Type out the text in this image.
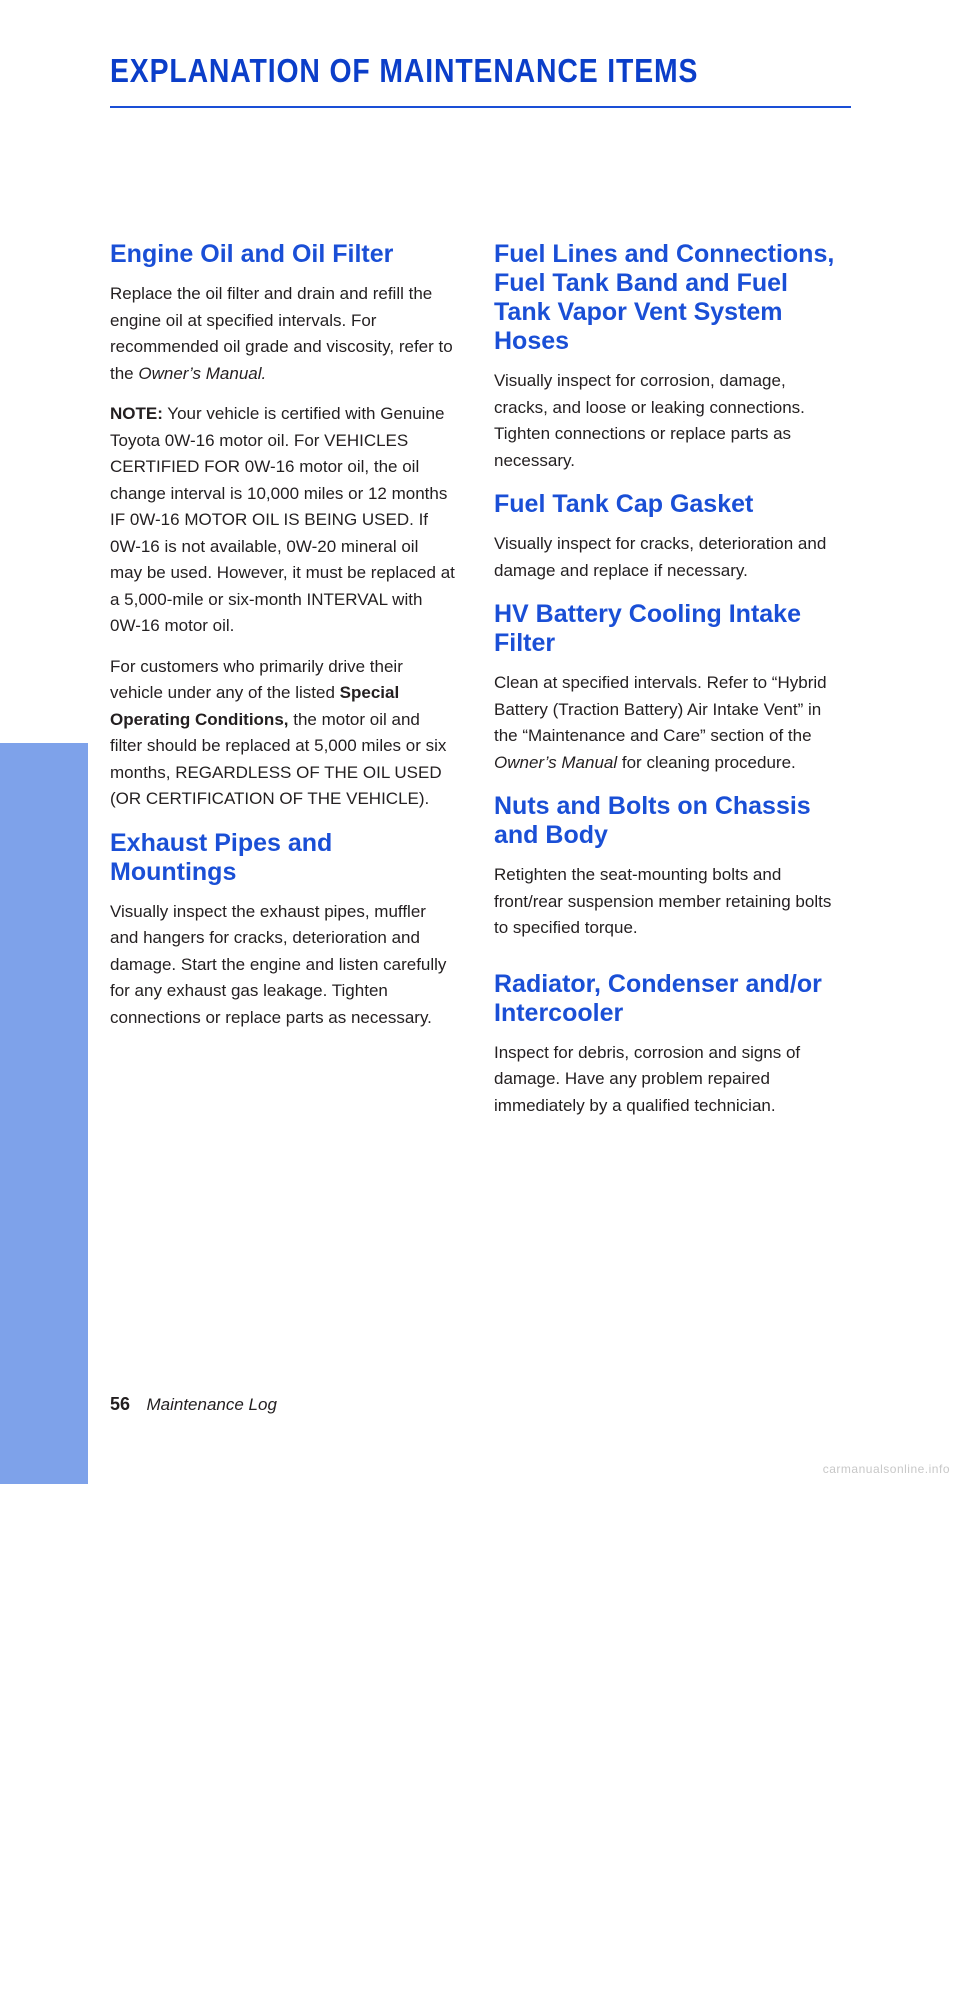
EXPLANATION OF MAINTENANCE ITEMS
MAINTENANCE
Engine Oil and Oil Filter

Replace the oil filter and drain and refill the engine oil at specified intervals. For recommended oil grade and viscosity, refer to the Owner’s Manual.

NOTE: Your vehicle is certified with Genuine Toyota 0W-16 motor oil. For VEHICLES CERTIFIED FOR 0W-16 motor oil, the oil change interval is 10,000 miles or 12 months IF 0W-16 MOTOR OIL IS BEING USED. If 0W-16 is not available, 0W-20 mineral oil may be used. However, it must be replaced at a 5,000-mile or six-month INTERVAL with 0W-16 motor oil.

For customers who primarily drive their vehicle under any of the listed Special Operating Conditions, the motor oil and filter should be replaced at 5,000 miles or six months, REGARDLESS OF THE OIL USED (OR CERTIFICATION OF THE VEHICLE).

Exhaust Pipes and Mountings

Visually inspect the exhaust pipes, muffler and hangers for cracks, deterioration and damage. Start the engine and listen carefully for any exhaust gas leakage. Tighten connections or replace parts as necessary.

Fuel Lines and Connections, Fuel Tank Band and Fuel Tank Vapor Vent System Hoses

Visually inspect for corrosion, damage, cracks, and loose or leaking connections. Tighten connections or replace parts as necessary.

Fuel Tank Cap Gasket

Visually inspect for cracks, deterioration and damage and replace if necessary.

HV Battery Cooling Intake Filter

Clean at specified intervals. Refer to “Hybrid Battery (Traction Battery) Air Intake Vent” in the “Maintenance and Care” section of the Owner’s Manual for cleaning procedure.

Nuts and Bolts on Chassis and Body

Retighten the seat-mounting bolts and front/rear suspension member retaining bolts to specified torque.

Radiator, Condenser and/or Intercooler

Inspect for debris, corrosion and signs of damage. Have any problem repaired immediately by a qualified technician.

56 Maintenance Log
carmanualsonline.info
